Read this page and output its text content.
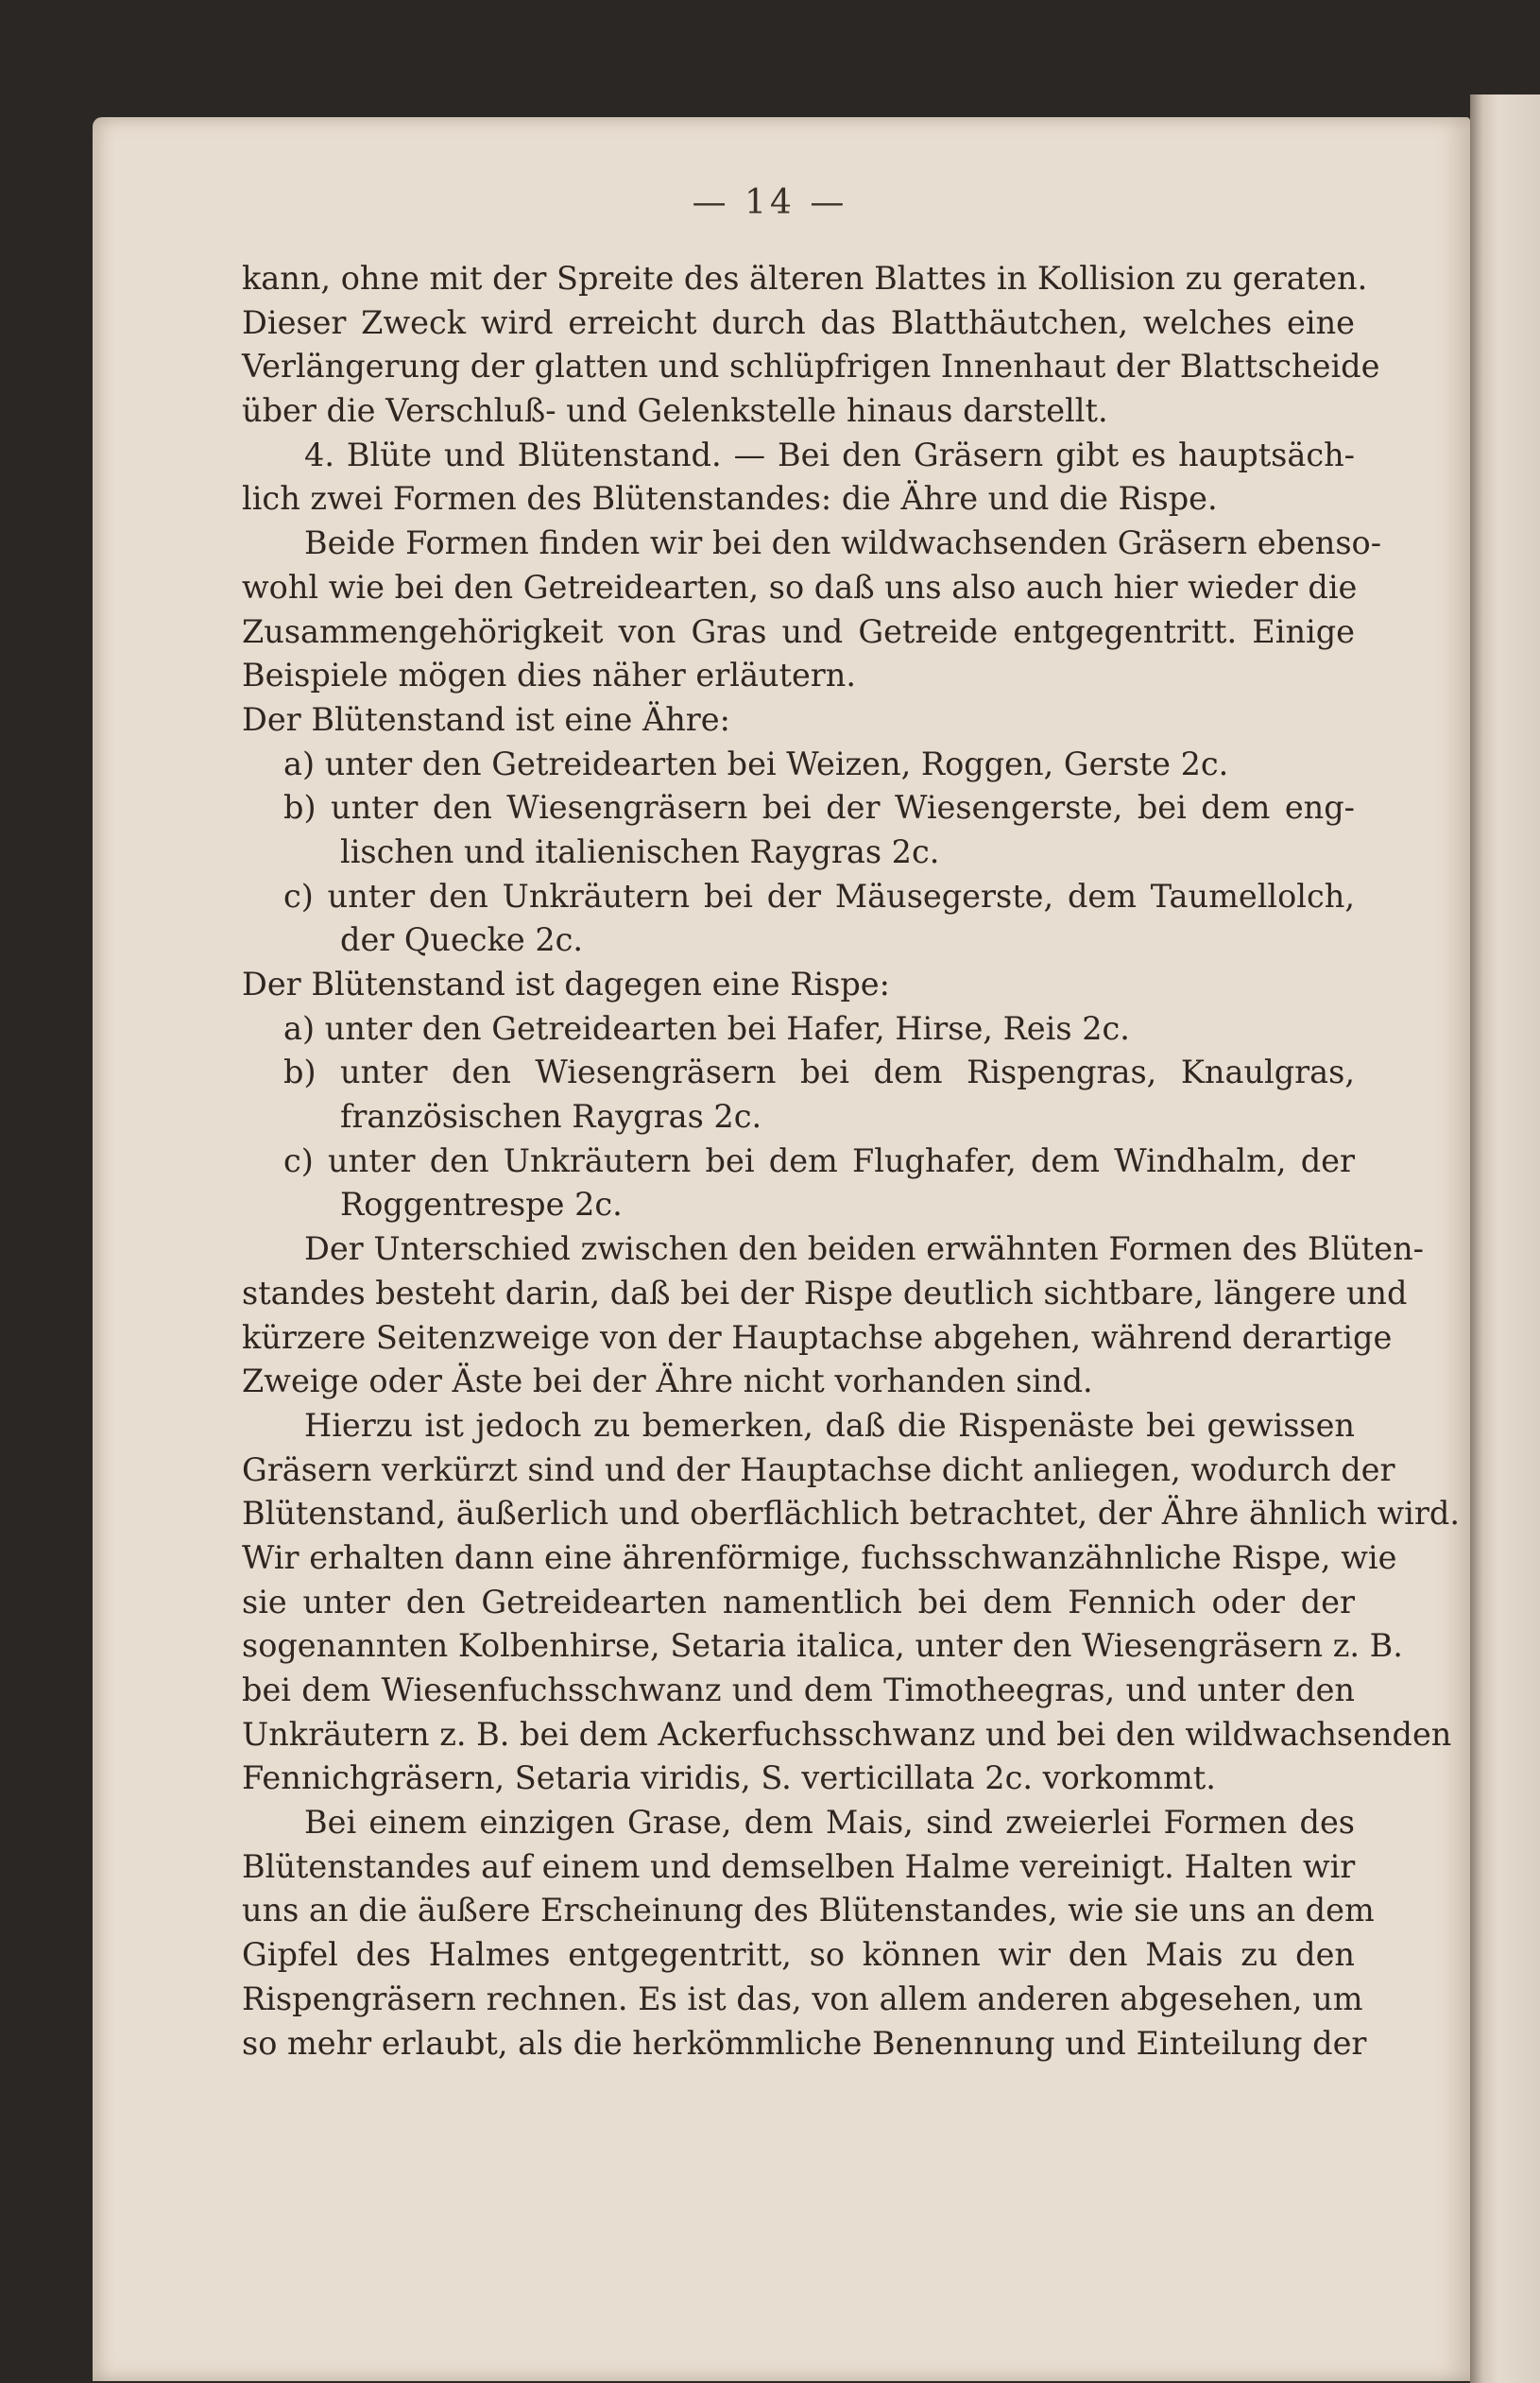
— 14 —
kann, ohne mit der Spreite des älteren Blattes in Kollision zu geraten.
Dieser Zweck wird erreicht durch das Blatthäutchen, welches eine
Verlängerung der glatten und schlüpfrigen Innenhaut der Blattscheide
über die Verschluß- und Gelenkstelle hinaus darstellt.
4. Blüte und Blütenstand. — Bei den Gräsern gibt es hauptsäch-
lich zwei Formen des Blütenstandes: die Ähre und die Rispe.
Beide Formen finden wir bei den wildwachsenden Gräsern ebenso-
wohl wie bei den Getreidearten, so daß uns also auch hier wieder die
Zusammengehörigkeit von Gras und Getreide entgegentritt. Einige
Beispiele mögen dies näher erläutern.
Der Blütenstand ist eine Ähre:
a) unter den Getreidearten bei Weizen, Roggen, Gerste 2c.
b) unter den Wiesengräsern bei der Wiesengerste, bei dem eng-
lischen und italienischen Raygras 2c.
c) unter den Unkräutern bei der Mäusegerste, dem Taumellolch,
der Quecke 2c.
Der Blütenstand ist dagegen eine Rispe:
a) unter den Getreidearten bei Hafer, Hirse, Reis 2c.
b) unter den Wiesengräsern bei dem Rispengras, Knaulgras,
französischen Raygras 2c.
c) unter den Unkräutern bei dem Flughafer, dem Windhalm, der
Roggentrespe 2c.
Der Unterschied zwischen den beiden erwähnten Formen des Blüten-
standes besteht darin, daß bei der Rispe deutlich sichtbare, längere und
kürzere Seitenzweige von der Hauptachse abgehen, während derartige
Zweige oder Äste bei der Ähre nicht vorhanden sind.
Hierzu ist jedoch zu bemerken, daß die Rispenäste bei gewissen
Gräsern verkürzt sind und der Hauptachse dicht anliegen, wodurch der
Blütenstand, äußerlich und oberflächlich betrachtet, der Ähre ähnlich wird.
Wir erhalten dann eine ährenförmige, fuchsschwanzähnliche Rispe, wie
sie unter den Getreidearten namentlich bei dem Fennich oder der
sogenannten Kolbenhirse, Setaria italica, unter den Wiesengräsern z. B.
bei dem Wiesenfuchsschwanz und dem Timotheegras, und unter den
Unkräutern z. B. bei dem Ackerfuchsschwanz und bei den wildwachsenden
Fennichgräsern, Setaria viridis, S. verticillata 2c. vorkommt.
Bei einem einzigen Grase, dem Mais, sind zweierlei Formen des
Blütenstandes auf einem und demselben Halme vereinigt. Halten wir
uns an die äußere Erscheinung des Blütenstandes, wie sie uns an dem
Gipfel des Halmes entgegentritt, so können wir den Mais zu den
Rispengräsern rechnen. Es ist das, von allem anderen abgesehen, um
so mehr erlaubt, als die herkömmliche Benennung und Einteilung der
